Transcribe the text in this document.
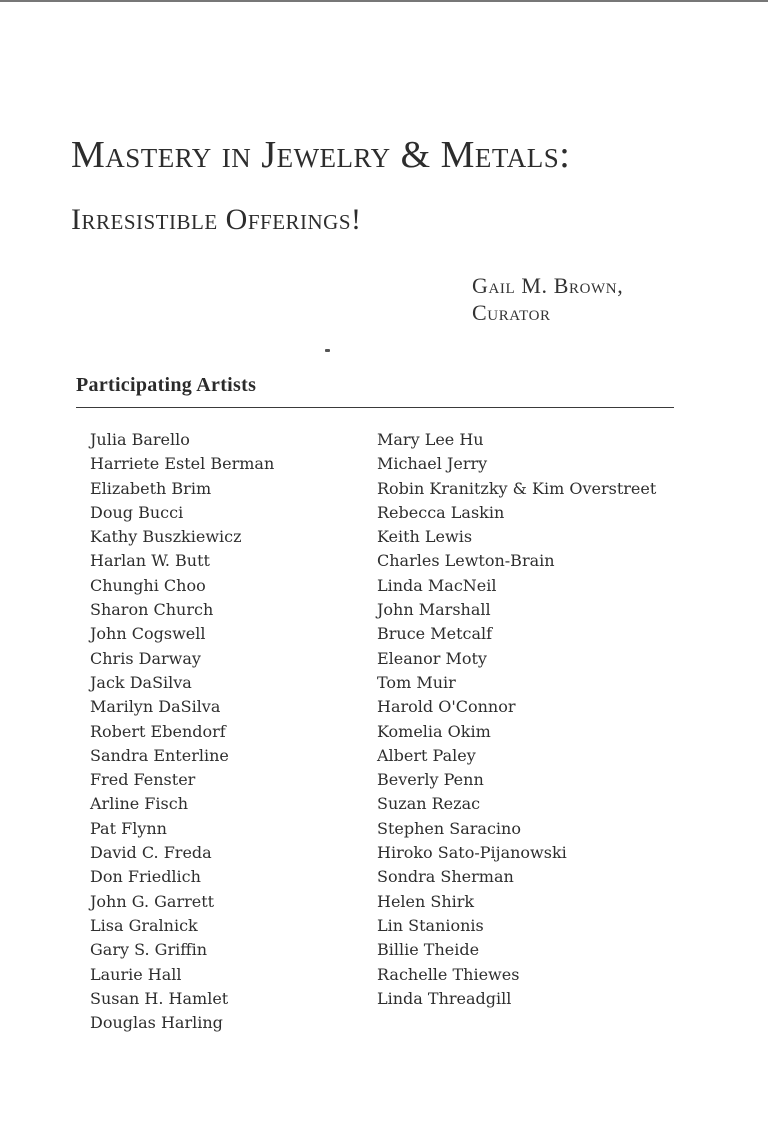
Mastery in Jewelry & Metals:
Irresistible Offerings!
Gail M. Brown,
Curator
Participating Artists
Julia Barello
Harriete Estel Berman
Elizabeth Brim
Doug Bucci
Kathy Buszkiewicz
Harlan W. Butt
Chunghi Choo
Sharon Church
John Cogswell
Chris Darway
Jack DaSilva
Marilyn DaSilva
Robert Ebendorf
Sandra Enterline
Fred Fenster
Arline Fisch
Pat Flynn
David C. Freda
Don Friedlich
John G. Garrett
Lisa Gralnick
Gary S. Griffin
Laurie Hall
Susan H. Hamlet
Douglas Harling
Mary Lee Hu
Michael Jerry
Robin Kranitzky & Kim Overstreet
Rebecca Laskin
Keith Lewis
Charles Lewton-Brain
Linda MacNeil
John Marshall
Bruce Metcalf
Eleanor Moty
Tom Muir
Harold O'Connor
Komelia Okim
Albert Paley
Beverly Penn
Suzan Rezac
Stephen Saracino
Hiroko Sato-Pijanowski
Sondra Sherman
Helen Shirk
Lin Stanionis
Billie Theide
Rachelle Thiewes
Linda Threadgill
